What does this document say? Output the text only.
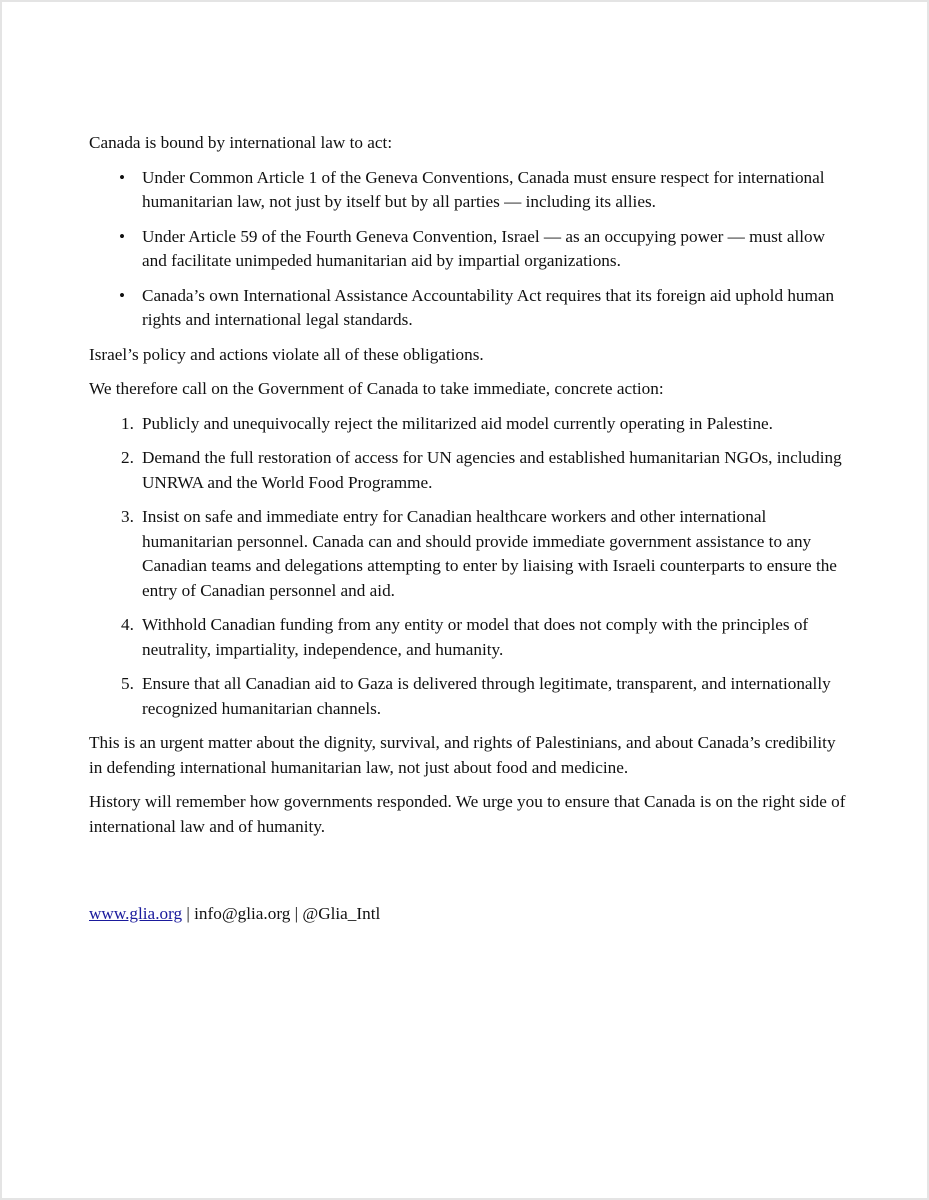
Canada is bound by international law to act:

• Under Common Article 1 of the Geneva Conventions, Canada must ensure respect for international humanitarian law, not just by itself but by all parties — including its allies.
• Under Article 59 of the Fourth Geneva Convention, Israel — as an occupying power — must allow and facilitate unimpeded humanitarian aid by impartial organizations.
• Canada’s own International Assistance Accountability Act requires that its foreign aid uphold human rights and international legal standards.

Israel’s policy and actions violate all of these obligations.

We therefore call on the Government of Canada to take immediate, concrete action:

1. Publicly and unequivocally reject the militarized aid model currently operating in Palestine.
2. Demand the full restoration of access for UN agencies and established humanitarian NGOs, including UNRWA and the World Food Programme.
3. Insist on safe and immediate entry for Canadian healthcare workers and other international humanitarian personnel. Canada can and should provide immediate government assistance to any Canadian teams and delegations attempting to enter by liaising with Israeli counterparts to ensure the entry of Canadian personnel and aid.
4. Withhold Canadian funding from any entity or model that does not comply with the principles of neutrality, impartiality, independence, and humanity.
5. Ensure that all Canadian aid to Gaza is delivered through legitimate, transparent, and internationally recognized humanitarian channels.

This is an urgent matter about the dignity, survival, and rights of Palestinians, and about Canada’s credibility in defending international humanitarian law, not just about food and medicine.

History will remember how governments responded. We urge you to ensure that Canada is on the right side of international law and of humanity.

www.glia.org | info@glia.org | @Glia_Intl
